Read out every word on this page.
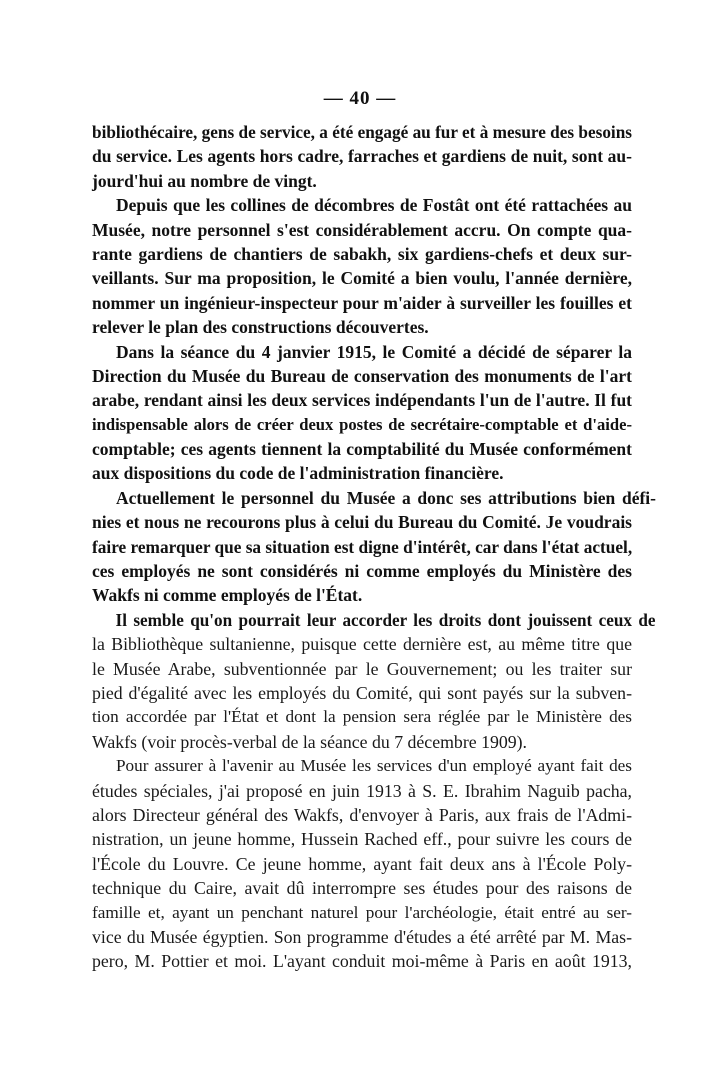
— 40 —
bibliothécaire, gens de service, a été engagé au fur et à mesure des besoins
du service. Les agents hors cadre, farraches et gardiens de nuit, sont au-
jourd'hui au nombre de vingt.
Depuis que les collines de décombres de Fostât ont été rattachées au
Musée, notre personnel s'est considérablement accru. On compte qua-
rante gardiens de chantiers de sabakh, six gardiens-chefs et deux sur-
veillants. Sur ma proposition, le Comité a bien voulu, l'année dernière,
nommer un ingénieur-inspecteur pour m'aider à surveiller les fouilles et
relever le plan des constructions découvertes.
Dans la séance du 4 janvier 1915, le Comité a décidé de séparer la
Direction du Musée du Bureau de conservation des monuments de l'art
arabe, rendant ainsi les deux services indépendants l'un de l'autre. Il fut
indispensable alors de créer deux postes de secrétaire-comptable et d'aide-
comptable; ces agents tiennent la comptabilité du Musée conformément
aux dispositions du code de l'administration financière.
Actuellement le personnel du Musée a donc ses attributions bien défi-
nies et nous ne recourons plus à celui du Bureau du Comité. Je voudrais
faire remarquer que sa situation est digne d'intérêt, car dans l'état actuel,
ces employés ne sont considérés ni comme employés du Ministère des
Wakfs ni comme employés de l'État.
Il semble qu'on pourrait leur accorder les droits dont jouissent ceux de
la Bibliothèque sultanienne, puisque cette dernière est, au même titre que
le Musée Arabe, subventionnée par le Gouvernement; ou les traiter sur
pied d'égalité avec les employés du Comité, qui sont payés sur la subven-
tion accordée par l'État et dont la pension sera réglée par le Ministère des
Wakfs (voir procès-verbal de la séance du 7 décembre 1909).
Pour assurer à l'avenir au Musée les services d'un employé ayant fait des
études spéciales, j'ai proposé en juin 1913 à S. E. Ibrahim Naguib pacha,
alors Directeur général des Wakfs, d'envoyer à Paris, aux frais de l'Admi-
nistration, un jeune homme, Hussein Rached eff., pour suivre les cours de
l'École du Louvre. Ce jeune homme, ayant fait deux ans à l'École Poly-
technique du Caire, avait dû interrompre ses études pour des raisons de
famille et, ayant un penchant naturel pour l'archéologie, était entré au ser-
vice du Musée égyptien. Son programme d'études a été arrêté par M. Mas-
pero, M. Pottier et moi. L'ayant conduit moi-même à Paris en août 1913,
